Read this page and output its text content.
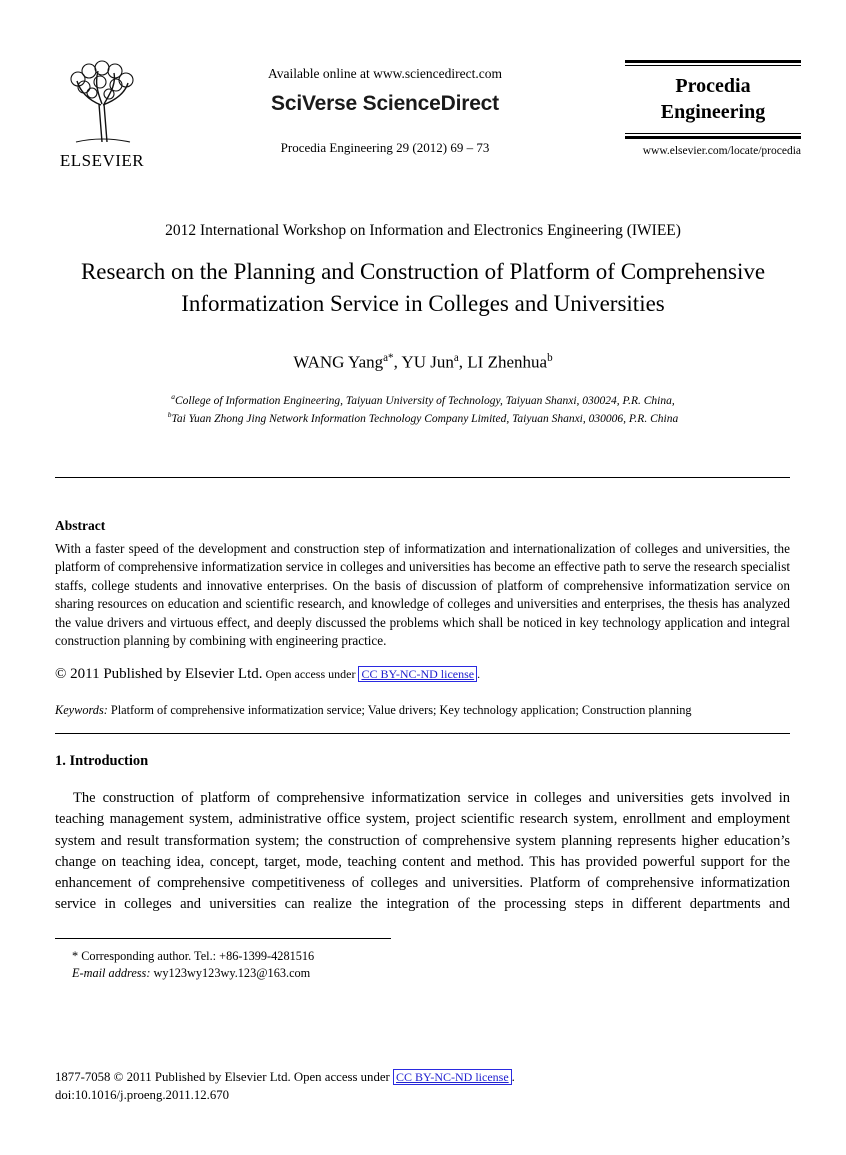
ELSEVIER
Available online at www.sciencedirect.com
SciVerse ScienceDirect
Procedia Engineering 29 (2012) 69 – 73
Procedia
Engineering
www.elsevier.com/locate/procedia
2012 International Workshop on Information and Electronics Engineering (IWIEE)
Research on the Planning and Construction of Platform of Comprehensive Informatization Service in Colleges and Universities
WANG Yang$^{a*}$, YU Jun$^a$, LI Zhenhua$^b$
$^a$College of Information Engineering, Taiyuan University of Technology, Taiyuan Shanxi, 030024, P.R. China,
$^b$Tai Yuan Zhong Jing Network Information Technology Company Limited, Taiyuan Shanxi, 030006, P.R. China
Abstract
With a faster speed of the development and construction step of informatization and internationalization of colleges and universities, the platform of comprehensive informatization service in colleges and universities has become an effective path to serve the research specialist staffs, college students and innovative enterprises. On the basis of discussion of platform of comprehensive informatization service on sharing resources on education and scientific research, and knowledge of colleges and universities and enterprises, the thesis has analyzed the value drivers and virtuous effect, and deeply discussed the problems which shall be noticed in key technology application and integral construction planning by combining with engineering practice.
© 2011 Published by Elsevier Ltd. Open access under CC BY-NC-ND license .
Keywords: Platform of comprehensive informatization service; Value drivers; Key technology application; Construction planning
1. Introduction
The construction of platform of comprehensive informatization service in colleges and universities gets involved in teaching management system, administrative office system, project scientific research system, enrollment and employment system and result transformation system; the construction of comprehensive system planning represents higher education’s change on teaching idea, concept, target, mode, teaching content and method. This has provided powerful support for the enhancement of comprehensive competitiveness of colleges and universities. Platform of comprehensive informatization service in colleges and universities can realize the integration of the processing steps in different departments and
* Corresponding author. Tel.: +86-1399-4281516
E-mail address: wy123wy123wy.123@163.com
1877-7058 © 2011 Published by Elsevier Ltd. Open access under CC BY-NC-ND license .
doi:10.1016/j.proeng.2011.12.670
